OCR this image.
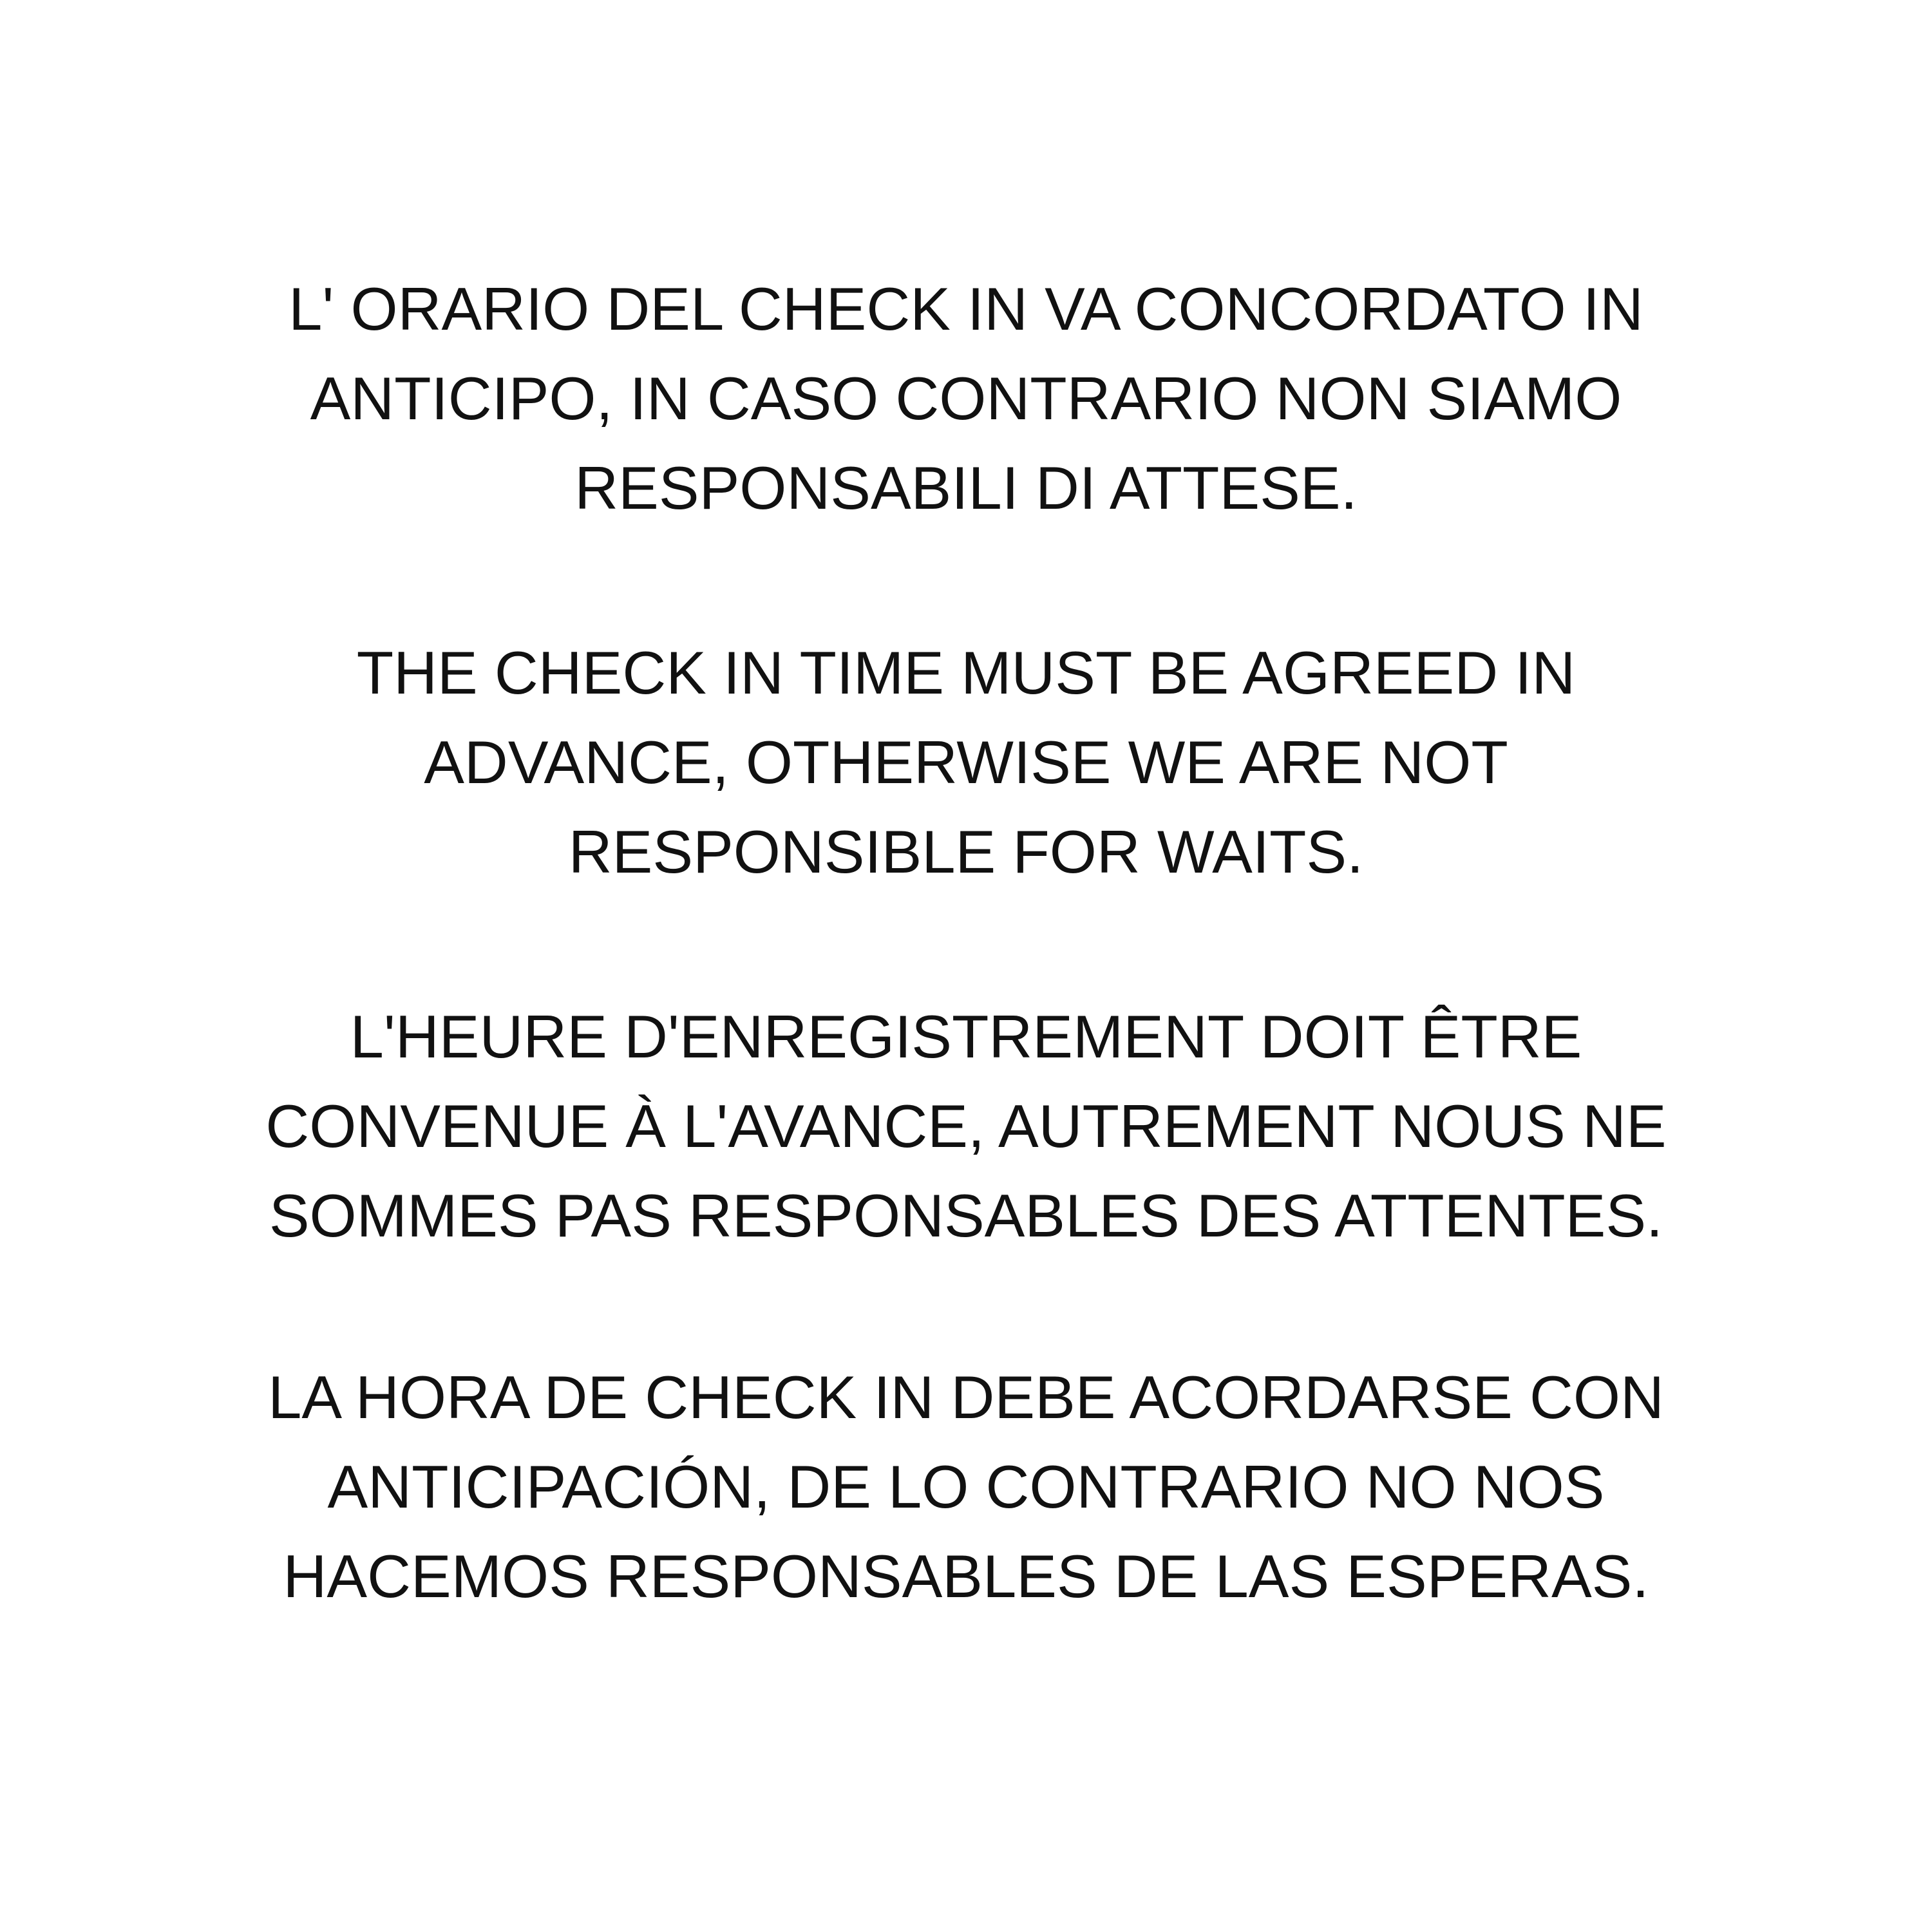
L' ORARIO DEL CHECK IN VA CONCORDATO IN
ANTICIPO, IN CASO CONTRARIO NON SIAMO
RESPONSABILI DI ATTESE.
THE CHECK IN TIME MUST BE AGREED IN
ADVANCE, OTHERWISE WE ARE NOT
RESPONSIBLE FOR WAITS.
L'HEURE D'ENREGISTREMENT DOIT ÊTRE
CONVENUE À L'AVANCE, AUTREMENT NOUS NE
SOMMES PAS RESPONSABLES DES ATTENTES.
LA HORA DE CHECK IN DEBE ACORDARSE CON
ANTICIPACIÓN, DE LO CONTRARIO NO NOS
HACEMOS RESPONSABLES DE LAS ESPERAS.
